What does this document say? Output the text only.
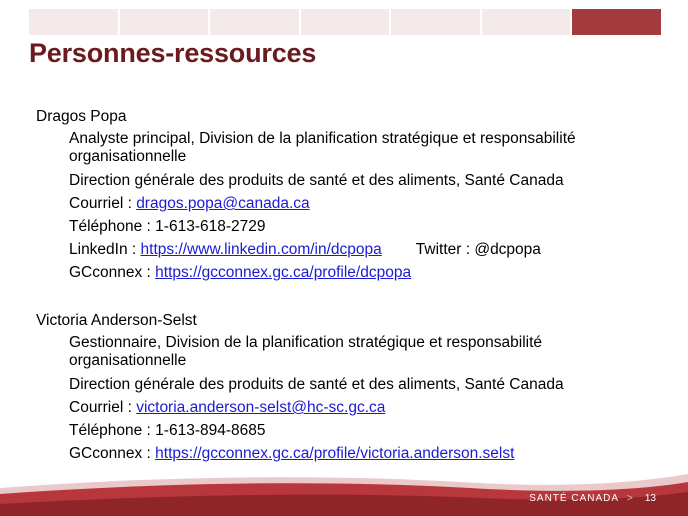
Personnes-ressources

Dragos Popa

Analyste principal, Division de la planification stratégique et responsabilité organisationnelle

Direction générale des produits de santé et des aliments, Santé Canada

Courriel : dragos.popa@canada.ca

Téléphone : 1-613-618-2729

LinkedIn : https://www.linkedin.com/in/dcpopa Twitter : @dcpopa

GCconnex : https://gcconnex.gc.ca/profile/dcpopa

Victoria Anderson-Selst

Gestionnaire, Division de la planification stratégique et responsabilité organisationnelle

Direction générale des produits de santé et des aliments, Santé Canada

Courriel : victoria.anderson-selst@hc-sc.gc.ca

Téléphone : 1-613-894-8685

GCconnex : https://gcconnex.gc.ca/profile/victoria.anderson.selst

SANTÉ CANADA > 13
